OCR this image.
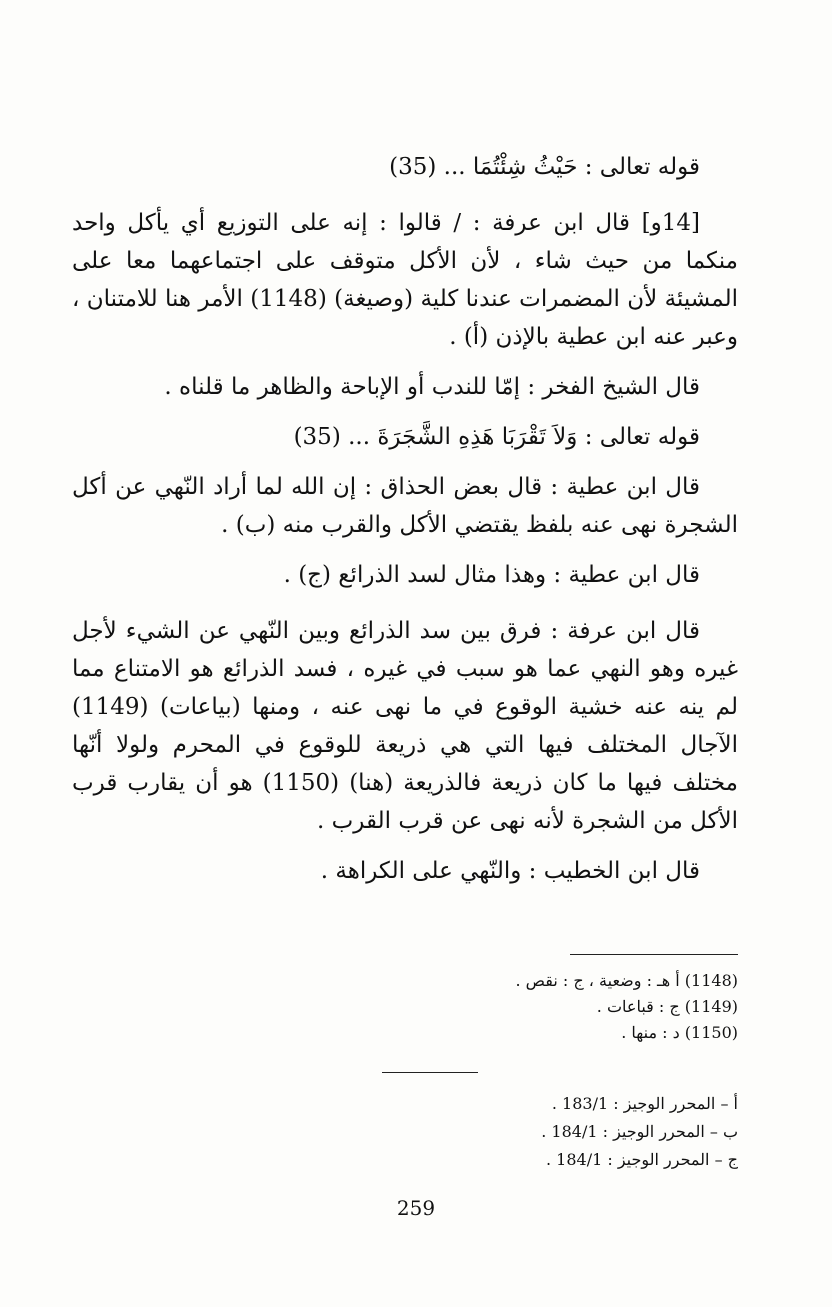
قوله تعالى : حَيْثُ شِئْتُمَا ... (35)

[14و] قال ابن عرفة : / قالوا : إنه على التوزيع أي يأكل واحد منكما من حيث شاء ، لأن الأكل متوقف على اجتماعهما معا على المشيئة لأن المضمرات عندنا كلية (وصيغة) (1148) الأمر هنا للامتنان ، وعبر عنه ابن عطية بالإذن (أ) .

قال الشيخ الفخر : إمّا للندب أو الإباحة والظاهر ما قلناه .

قوله تعالى : وَلاَ تَقْرَبَا هَذِهِ الشَّجَرَةَ ... (35)

قال ابن عطية : قال بعض الحذاق : إن الله لما أراد النّهي عن أكل الشجرة نهى عنه بلفظ يقتضي الأكل والقرب منه (ب) .

قال ابن عطية : وهذا مثال لسد الذرائع (ج) .

قال ابن عرفة : فرق بين سد الذرائع وبين النّهي عن الشيء لأجل غيره وهو النهي عما هو سبب في غيره ، فسد الذرائع هو الامتناع مما لم ينه عنه خشية الوقوع في ما نهى عنه ، ومنها (بياعات) (1149) الآجال المختلف فيها التي هي ذريعة للوقوع في المحرم ولولا أنّها مختلف فيها ما كان ذريعة فالذريعة (هنا) (1150) هو أن يقارب قرب الأكل من الشجرة لأنه نهى عن قرب القرب .

قال ابن الخطيب : والنّهي على الكراهة .

(1148) أ هـ : وضعية ، ج : نقص .

(1149) ج : قباعات .

(1150) د : منها .

أ – المحرر الوجيز : 183/1 .

ب – المحرر الوجيز : 184/1 .

ج – المحرر الوجيز : 184/1 .

259
